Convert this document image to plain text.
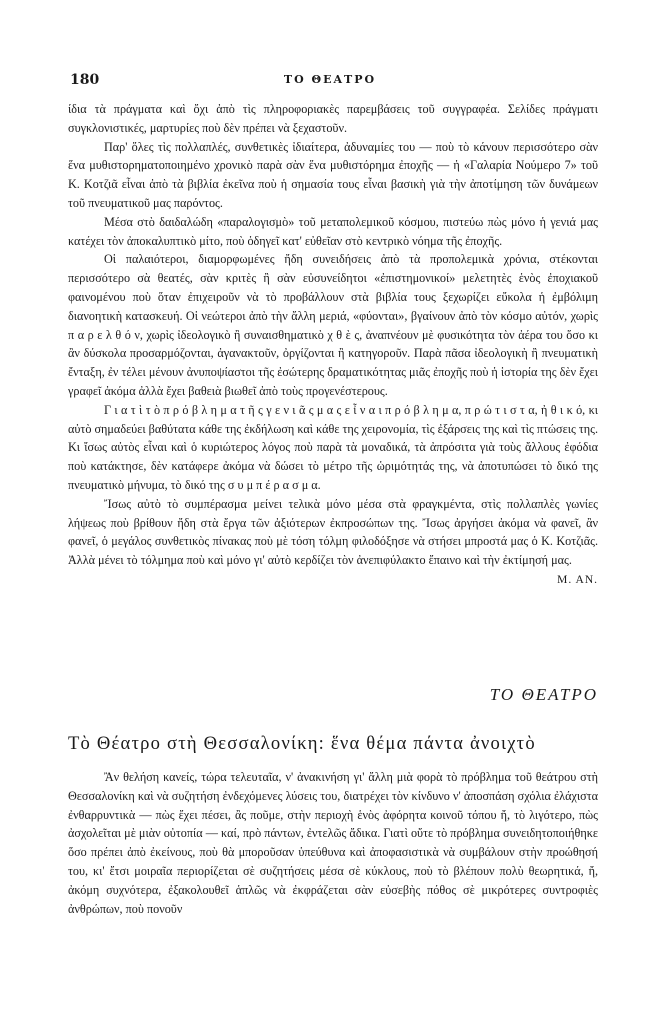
180	ΤΟ ΘΕΑΤΡΟ

ίδια τὰ πράγματα καὶ ὄχι ἀπὸ τὶς πληροφοριακὲς παρεμβάσεις τοῦ συγγραφέα. Σελίδες πράγματι συγκλονιστικές, μαρτυρίες ποὺ δὲν πρέπει νὰ ξεχαστοῦν.

Παρ' ὅλες τὶς πολλαπλές, συνθετικὲς ἰδιαίτερα, ἀδυναμίες του — ποὺ τὸ κάνουν περισσότερο σὰν ἕνα μυθιστορηματοποιημένο χρονικὸ παρὰ σὰν ἕνα μυθιστόρημα ἐποχῆς — ἡ «Γαλαρία Νούμερο 7» τοῦ Κ. Κοτζιᾶ εἶναι ἀπὸ τὰ βιβλία ἐκεῖνα ποὺ ἡ σημασία τους εἶναι βασικὴ γιὰ τὴν ἀποτίμηση τῶν δυνάμεων τοῦ πνευματικοῦ μας παρόντος.

Μέσα στὸ δαιδαλώδη «παραλογισμὸ» τοῦ μεταπολεμικοῦ κόσμου, πιστεύω πὼς μόνο ἡ γενιά μας κατέχει τὸν ἀποκαλυπτικὸ μίτο, ποὺ ὁδηγεῖ κατ' εὐθεῖαν στὸ κεντρικὸ νόημα τῆς ἐποχῆς.

Οἱ παλαιότεροι, διαμορφωμένες ἤδη συνειδήσεις ἀπὸ τὰ προπολεμικὰ χρόνια, στέκονται περισσότερο σὰ θεατές, σὰν κριτὲς ἢ σὰν εὐσυνείδητοι «ἐπιστημονικοί» μελετητὲς ἑνὸς ἐποχιακοῦ φαινομένου ποὺ ὅταν ἐπιχειροῦν νὰ τὸ προβάλλουν στὰ βιβλία τους ξεχωρίζει εὔκολα ἡ ἐμβόλιμη διανοητικὴ κατασκευή. Οἱ νεώτεροι ἀπὸ τὴν ἄλλη μεριά, «φύονται», βγαίνουν ἀπὸ τὸν κόσμο αὐτόν, χωρὶς π α ρ ε λ θ ό ν, χωρὶς ἰδεολογικὸ ἢ συναισθηματικὸ χ θ ὲ ς, ἀναπνέουν μὲ φυσικότητα τὸν ἀέρα του ὅσο κι ἂν δύσκολα προσαρμόζονται, ἀγανακτοῦν, ὀργίζονται ἢ κατηγοροῦν. Παρὰ πᾶσα ἰδεολογικὴ ἢ πνευματικὴ ἔνταξη, ἐν τέλει μένουν ἀνυποψίαστοι τῆς ἐσώτερης δραματικότητας μιᾶς ἐποχῆς ποὺ ἡ ἱστορία της δὲν ἔχει γραφεῖ ἀκόμα ἀλλὰ ἔχει βαθειὰ βιωθεῖ ἀπὸ τοὺς προγενέστερους.

Γ ι α τ ὶ τ ὸ π ρ ό β λ η μ α τ ῆ ς γ ε ν ι ᾶ ς μ α ς ε ἶ ν α ι π ρ ό β λ η μ α, π ρ ώ τ ι σ τ α, ἠ θ ι κ ό, κι αὐτὸ σημαδεύει βαθύτατα κάθε της ἐκδήλωση καὶ κάθε της χειρονομία, τὶς ἐξάρσεις της καὶ τὶς πτώσεις της. Κι ἴσως αὐτὸς εἶναι καὶ ὁ κυριώτερος λόγος ποὺ παρὰ τὰ μοναδικά, τὰ ἀπρόσιτα γιὰ τοὺς ἄλλους ἐφόδια ποὺ κατάκτησε, δὲν κατάφερε ἀκόμα νὰ δώσει τὸ μέτρο τῆς ὡριμότητάς της, νὰ ἀποτυπώσει τὸ δικό της πνευματικὸ μήνυμα, τὸ δικό της σ υ μ π έ ρ α σ μ α.

Ἴσως αὐτὸ τὸ συμπέρασμα μείνει τελικὰ μόνο μέσα στὰ φραγκμέντα, στὶς πολλαπλὲς γωνίες λήψεως ποὺ βρίθουν ἤδη στὰ ἔργα τῶν ἀξιότερων ἐκπροσώπων της. Ἴσως ἀργήσει ἀκόμα νὰ φανεῖ, ἂν φανεῖ, ὁ μεγάλος συνθετικὸς πίνακας ποὺ μὲ τόση τόλμη φιλοδόξησε νὰ στήσει μπροστά μας ὁ Κ. Κοτζιᾶς. Ἀλλὰ μένει τὸ τόλμημα ποὺ καὶ μόνο γι' αὐτὸ κερδίζει τὸν ἀνεπιφύλακτο ἔπαινο καὶ τὴν ἐκτίμησή μας.

Μ. ΑΝ.
ΤΟ ΘΕΑΤΡΟ
Τὸ Θέατρο στὴ Θεσσαλονίκη: ἕνα θέμα πάντα ἀνοιχτὸ

Ἂν θελήση κανείς, τώρα τελευταῖα, ν' ἀνακινήση γι' ἄλλη μιὰ φορὰ τὸ πρόβλημα τοῦ θεάτρου στὴ Θεσσαλονίκη καὶ νὰ συζητήση ἐνδεχόμενες λύσεις του, διατρέχει τὸν κίνδυνο ν' ἀποσπάση σχόλια ἐλάχιστα ἐνθαρρυντικὰ — πὼς ἔχει πέσει, ἂς ποῦμε, στὴν περιοχὴ ἑνὸς ἀφόρητα κοινοῦ τόπου ἤ, τὸ λιγότερο, πὼς ἀσχολεῖται μὲ μιὰν οὐτοπία — καί, πρὸ πάντων, ἐντελῶς ἄδικα. Γιατὶ οὔτε τὸ πρόβλημα συνειδητοποιήθηκε ὅσο πρέπει ἀπὸ ἐκείνους, ποὺ θὰ μποροῦσαν ὑπεύθυνα καὶ ἀποφασιστικὰ νὰ συμβάλουν στὴν προώθησή του, κι' ἔτσι μοιραῖα περιορίζεται σὲ συζητήσεις μέσα σὲ κύκλους, ποὺ τὸ βλέπουν πολὺ θεωρητικά, ἤ, ἀκόμη συχνότερα, ἐξακολουθεῖ ἁπλῶς νὰ ἐκφράζεται σὰν εὐσεβὴς πόθος σὲ μικρότερες συντροφιὲς ἀνθρώπων, ποὺ πονοῦν
